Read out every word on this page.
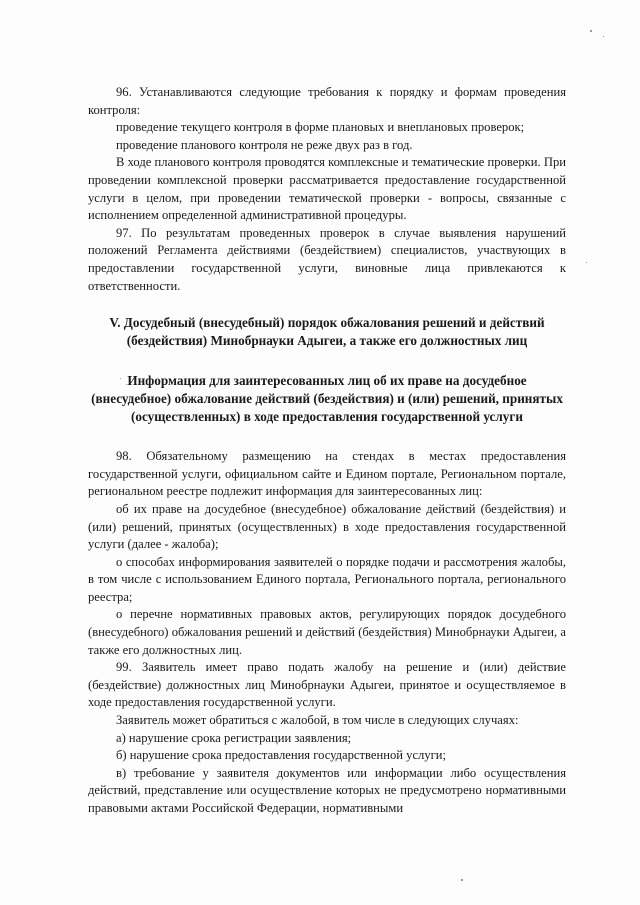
96. Устанавливаются следующие требования к порядку и формам проведения контроля:

проведение текущего контроля в форме плановых и внеплановых проверок;

проведение планового контроля не реже двух раз в год.

В ходе планового контроля проводятся комплексные и тематические проверки. При проведении комплексной проверки рассматривается предоставление государственной услуги в целом, при проведении тематической проверки - вопросы, связанные с исполнением определенной административной процедуры.

97. По результатам проведенных проверок в случае выявления нарушений положений Регламента действиями (бездействием) специалистов, участвующих в предоставлении государственной услуги, виновные лица привлекаются к ответственности.

V. Досудебный (внесудебный) порядок обжалования решений и действий (бездействия) Минобрнауки Адыгеи, а также его должностных лиц

Информация для заинтересованных лиц об их праве на досудебное (внесудебное) обжалование действий (бездействия) и (или) решений, принятых (осуществленных) в ходе предоставления государственной услуги

98. Обязательному размещению на стендах в местах предоставления государственной услуги, официальном сайте и Едином портале, Региональном портале, региональном реестре подлежит информация для заинтересованных лиц:

об их праве на досудебное (внесудебное) обжалование действий (бездействия) и (или) решений, принятых (осуществленных) в ходе предоставления государственной услуги (далее - жалоба);

о способах информирования заявителей о порядке подачи и рассмотрения жалобы, в том числе с использованием Единого портала, Регионального портала, регионального реестра;

о перечне нормативных правовых актов, регулирующих порядок досудебного (внесудебного) обжалования решений и действий (бездействия) Минобрнауки Адыгеи, а также его должностных лиц.

99. Заявитель имеет право подать жалобу на решение и (или) действие (бездействие) должностных лиц Минобрнауки Адыгеи, принятое и осуществляемое в ходе предоставления государственной услуги.

Заявитель может обратиться с жалобой, в том числе в следующих случаях:

а) нарушение срока регистрации заявления;

б) нарушение срока предоставления государственной услуги;

в) требование у заявителя документов или информации либо осуществления действий, представление или осуществление которых не предусмотрено нормативными правовыми актами Российской Федерации, нормативными
